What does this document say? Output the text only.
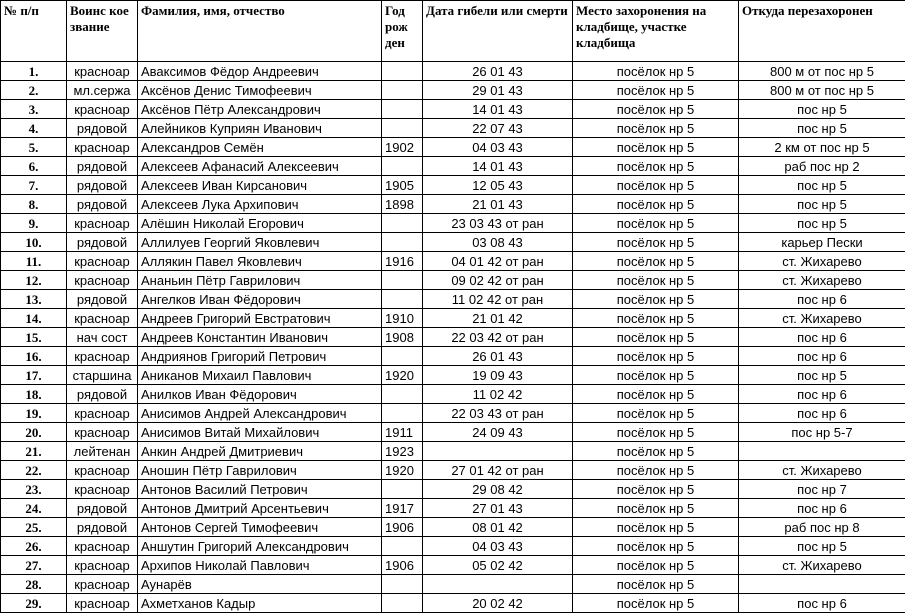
№ п/п	Воинс кое звание	Фамилия, имя, отчество	Год рож ден	Дата гибели или смерти	Место захоронения на кладбище, участке кладбища	Откуда перезахоронен
1.	красноар	Аваксимов Фёдор Андреевич		26 01 43	посёлок нр 5	800 м от пос нр 5
2.	мл.сержа	Аксёнов Денис Тимофеевич		29 01 43	посёлок нр 5	800 м от пос нр 5
3.	красноар	Аксёнов Пётр Александрович		14 01 43	посёлок нр 5	пос нр 5
4.	рядовой	Алейников Куприян Иванович		22 07 43	посёлок нр 5	пос нр 5
5.	красноар	Александров Семён	1902	04 03 43	посёлок нр 5	2 км от пос нр 5
6.	рядовой	Алексеев Афанасий Алексеевич		14 01 43	посёлок нр 5	раб пос нр 2
7.	рядовой	Алексеев Иван Кирсанович	1905	12 05 43	посёлок нр 5	пос нр 5
8.	рядовой	Алексеев Лука Архипович	1898	21 01 43	посёлок нр 5	пос нр 5
9.	красноар	Алёшин Николай Егорович		23 03 43 от ран	посёлок нр 5	пос нр 5
10.	рядовой	Аллилуев Георгий Яковлевич		03 08 43	посёлок нр 5	карьер Пески
11.	красноар	Аллякин Павел Яковлевич	1916	04 01 42 от ран	посёлок нр 5	ст. Жихарево
12.	красноар	Ананьин Пётр Гаврилович		09 02 42 от ран	посёлок нр 5	ст. Жихарево
13.	рядовой	Ангелков Иван Фёдорович		11 02 42 от ран	посёлок нр 5	пос нр 6
14.	красноар	Андреев Григорий Евстратович	1910	21 01 42	посёлок нр 5	ст. Жихарево
15.	нач сост	Андреев Константин Иванович	1908	22 03 42 от ран	посёлок нр 5	пос нр 6
16.	красноар	Андриянов Григорий Петрович		26 01 43	посёлок нр 5	пос нр 6
17.	старшина	Аниканов Михаил Павлович	1920	19 09 43	посёлок нр 5	пос нр 5
18.	рядовой	Анилков Иван Фёдорович		11 02 42	посёлок нр 5	пос нр 6
19.	красноар	Анисимов Андрей Александрович		22 03 43 от ран	посёлок нр 5	пос нр 6
20.	красноар	Анисимов Витай Михайлович	1911	24 09 43	посёлок нр 5	пос нр 5-7
21.	лейтенан	Анкин Андрей Дмитриевич	1923		посёлок нр 5	
22.	красноар	Аношин Пётр Гаврилович	1920	27 01 42 от ран	посёлок нр 5	ст. Жихарево
23.	красноар	Антонов Василий Петрович		29 08 42	посёлок нр 5	пос нр 7
24.	рядовой	Антонов Дмитрий Арсентьевич	1917	27 01 43	посёлок нр 5	пос нр 6
25.	рядовой	Антонов Сергей Тимофеевич	1906	08 01 42	посёлок нр 5	раб пос нр 8
26.	красноар	Аншутин Григорий Александрович		04 03 43	посёлок нр 5	пос нр 5
27.	красноар	Архипов Николай Павлович	1906	05 02 42	посёлок нр 5	ст. Жихарево
28.	красноар	Аунарёв			посёлок нр 5	
29.	красноар	Ахметханов Кадыр		20 02 42	посёлок нр 5	пос нр 6
